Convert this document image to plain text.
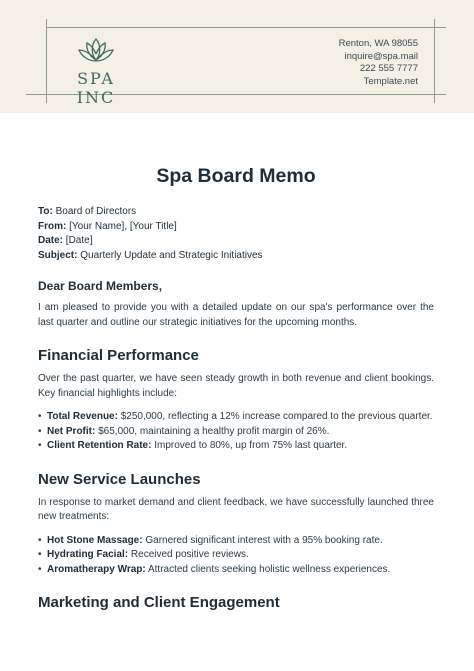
SPA INC
Renton, WA 98055
inquire@spa.mail
222 555 7777
Template.net
Spa Board Memo
To: Board of Directors
From: [Your Name], [Your Title]
Date: [Date]
Subject: Quarterly Update and Strategic Initiatives
Dear Board Members,

I am pleased to provide you with a detailed update on our spa's performance over the last quarter and outline our strategic initiatives for the upcoming months.

Financial Performance

Over the past quarter, we have seen steady growth in both revenue and client bookings. Key financial highlights include:

• Total Revenue: $250,000, reflecting a 12% increase compared to the previous quarter.
• Net Profit: $65,000, maintaining a healthy profit margin of 26%.
• Client Retention Rate: Improved to 80%, up from 75% last quarter.
New Service Launches

In response to market demand and client feedback, we have successfully launched three new treatments:

• Hot Stone Massage: Garnered significant interest with a 95% booking rate.
• Hydrating Facial: Received positive reviews.
• Aromatherapy Wrap: Attracted clients seeking holistic wellness experiences.
Marketing and Client Engagement
